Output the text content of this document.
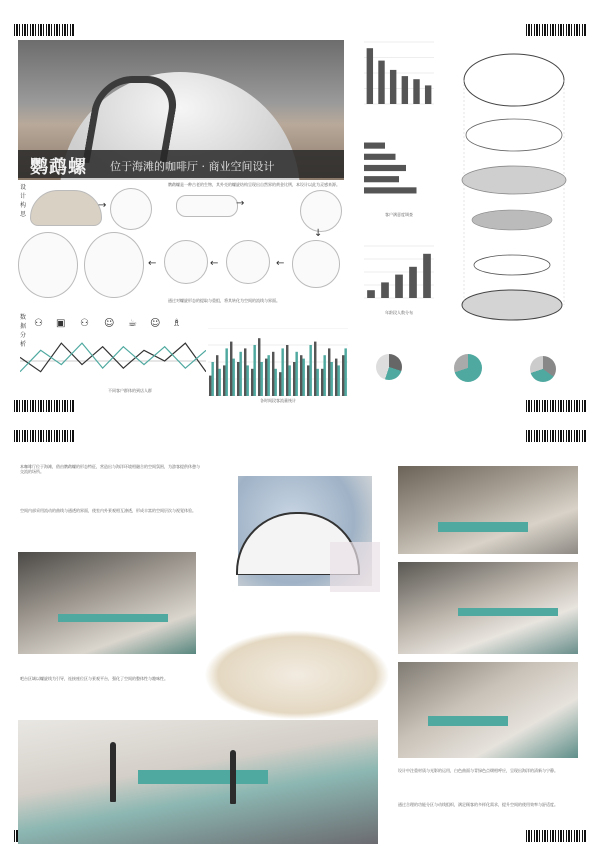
鹦鹉螺 位于海滩的咖啡厅 · 商业空间设计
设计构思
鹦鹉螺是一种古老的生物，其外壳的螺旋结构呈现出自然界的黄金比例，本设计以此为灵感来源。
→	→
↓
←	←	←
通过对螺旋形态的提取与重组，将其转化为空间的流线与界面。
数据分析
⚇ ▣ ⚇ ☺ ☕ ☺ ♗
不同客户群体的到店人群
各时间段客流量统计
客户满意度调查
年龄段人数分布
本咖啡厅位于海滩，借由鹦鹉螺的形态特征，营造出与海洋环境相融合的空间氛围，为游客提供休憩与交流的场所。
空间内部采用流动的曲线与通透的界面，使室内外景观相互渗透，形成丰富的空间层次与视觉体验。
吧台区域以螺旋线为引导，连接座位区与景观平台，强化了空间的整体性与趣味性。
设计中注重材质与光影的运用，白色曲面与青绿色点缀相呼应，呈现出海洋的清新与宁静。
通过合理的功能分区与动线组织，满足顾客的多样化需求，提升空间的使用效率与舒适度。
